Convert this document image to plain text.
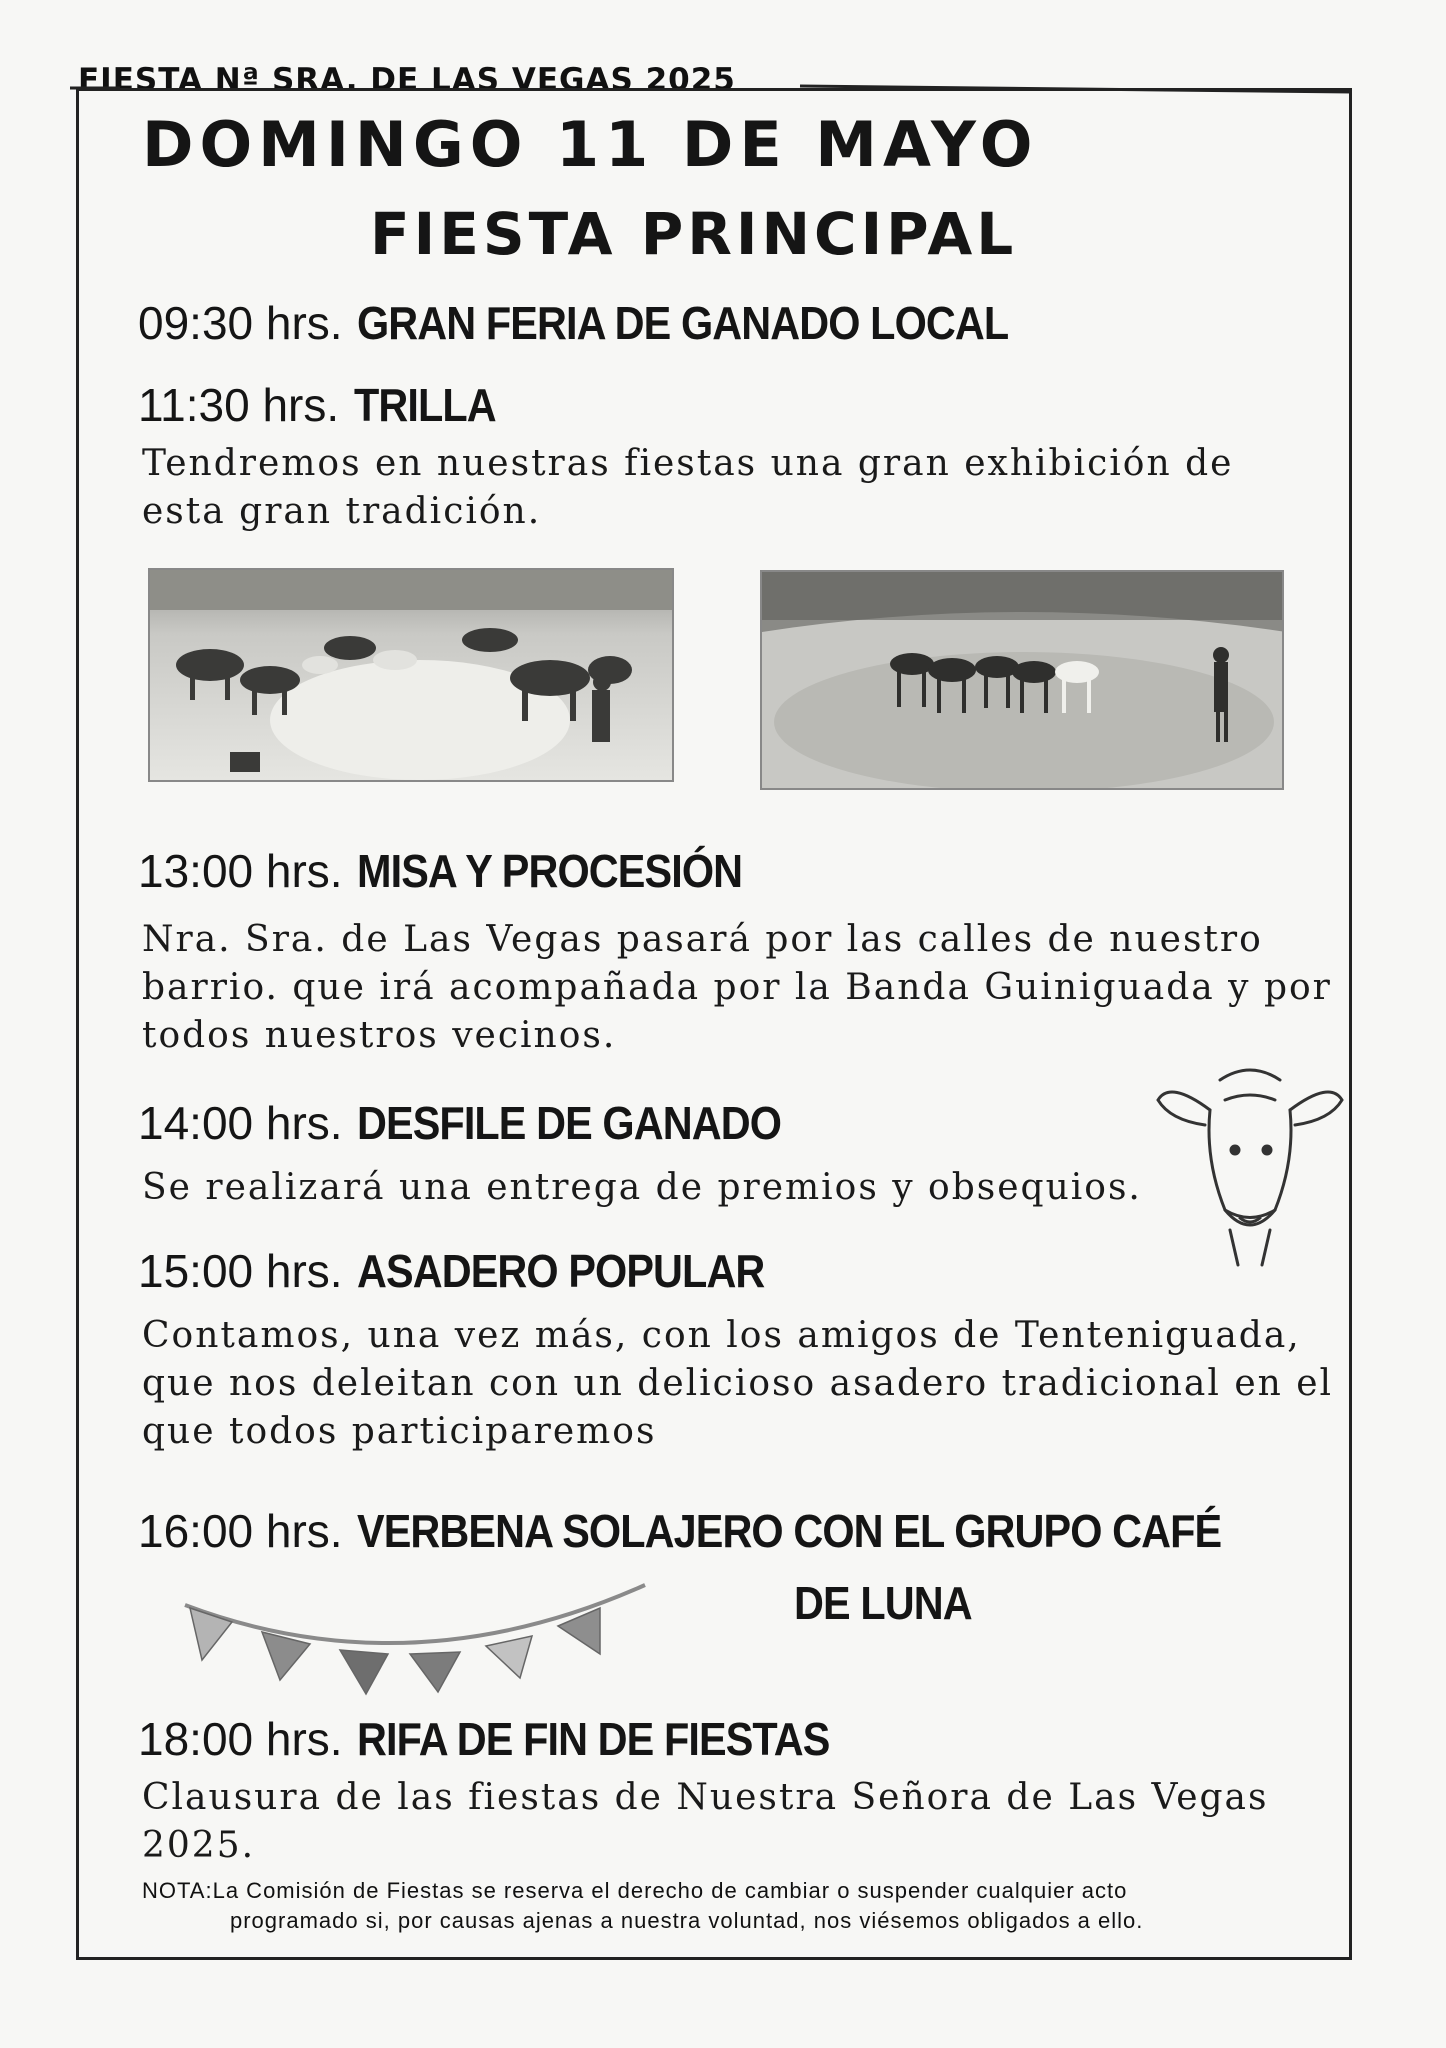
FIESTA Nª SRA. DE LAS VEGAS 2025
DOMINGO 11 DE MAYO
FIESTA PRINCIPAL
09:30 hrs. GRAN FERIA DE GANADO LOCAL
11:30 hrs. TRILLA
Tendremos en nuestras fiestas una gran exhibición de esta gran tradición.
13:00 hrs. MISA Y PROCESIÓN
Nra. Sra. de Las Vegas pasará por las calles de nuestro barrio. que irá acompañada por la Banda Guiniguada y por todos nuestros vecinos.
14:00 hrs. DESFILE DE GANADO
Se realizará una entrega de premios y obsequios.
15:00 hrs. ASADERO POPULAR
Contamos, una vez más, con los amigos de Tenteniguada, que nos deleitan con un delicioso asadero tradicional en el que todos participaremos
16:00 hrs. VERBENA SOLAJERO CON EL GRUPO CAFÉ
DE LUNA
18:00 hrs. RIFA DE FIN DE FIESTAS
Clausura de las fiestas de Nuestra Señora de Las Vegas 2025.
NOTA:La Comisión de Fiestas se reserva el derecho de cambiar o suspender cualquier acto
programado si, por causas ajenas a nuestra voluntad, nos viésemos obligados a ello.
